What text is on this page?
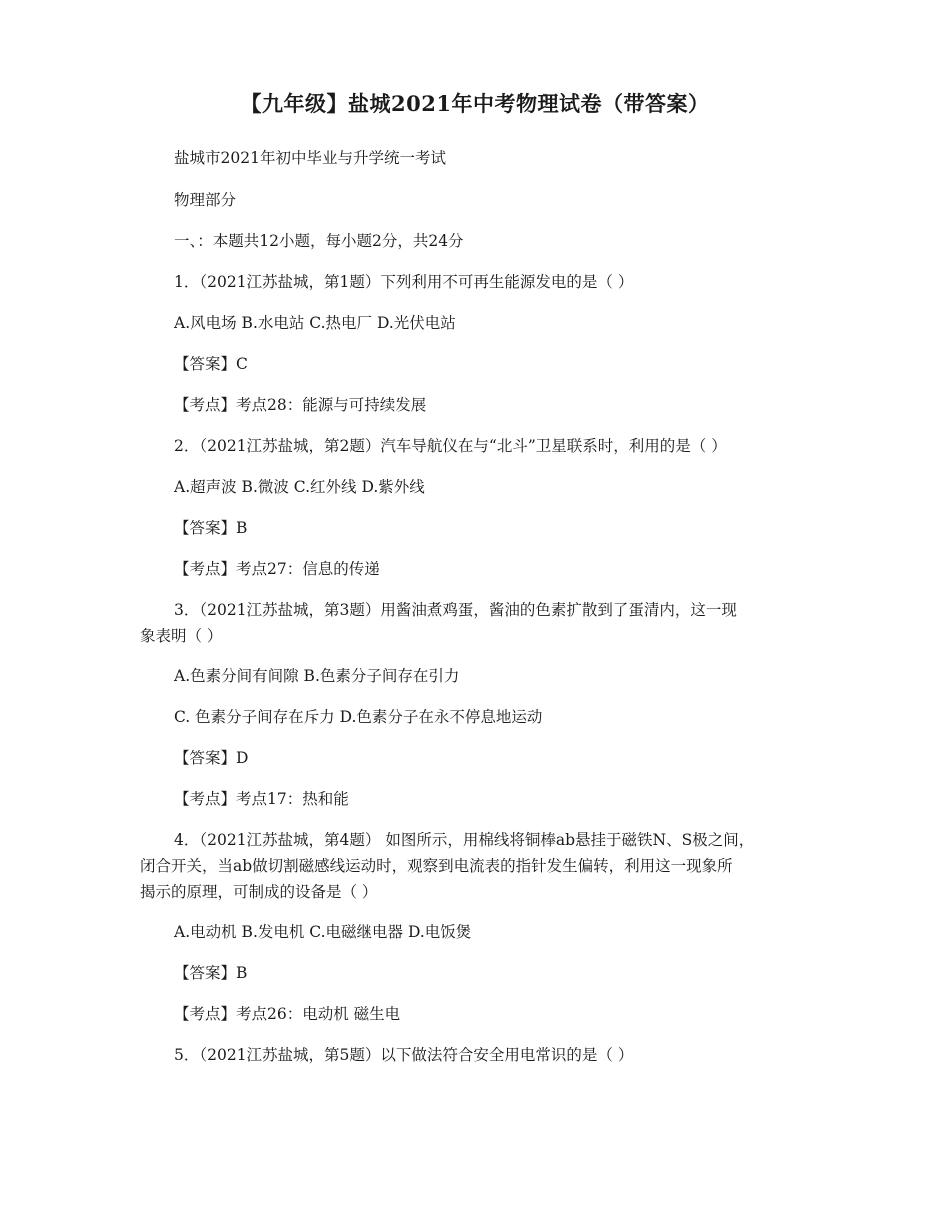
【九年级】盐城2021年中考物理试卷（带答案）
盐城市2021年初中毕业与升学统一考试
物理部分
一、：本题共12小题，每小题2分，共24分
1．（2021江苏盐城，第1题）下列利用不可再生能源发电的是（ ）
A.风电场 B.水电站 C.热电厂 D.光伏电站
【答案】C
【考点】考点28：能源与可持续发展
2．（2021江苏盐城，第2题）汽车导航仪在与“北斗”卫星联系时，利用的是（ ）
A.超声波 B.微波 C.红外线 D.紫外线
【答案】B
【考点】考点27：信息的传递
3．（2021江苏盐城，第3题）用酱油煮鸡蛋，酱油的色素扩散到了蛋清内，这一现
象表明（ ）
A.色素分间有间隙 B.色素分子间存在引力
C. 色素分子间存在斥力 D.色素分子在永不停息地运动
【答案】D
【考点】考点17：热和能
4．（2021江苏盐城，第4题） 如图所示，用棉线将铜棒ab悬挂于磁铁N、S极之间，
闭合开关，当ab做切割磁感线运动时，观察到电流表的指针发生偏转，利用这一现象所
揭示的原理，可制成的设备是（ ）
A.电动机 B.发电机 C.电磁继电器 D.电饭煲
【答案】B
【考点】考点26：电动机 磁生电
5．（2021江苏盐城，第5题）以下做法符合安全用电常识的是（ ）
